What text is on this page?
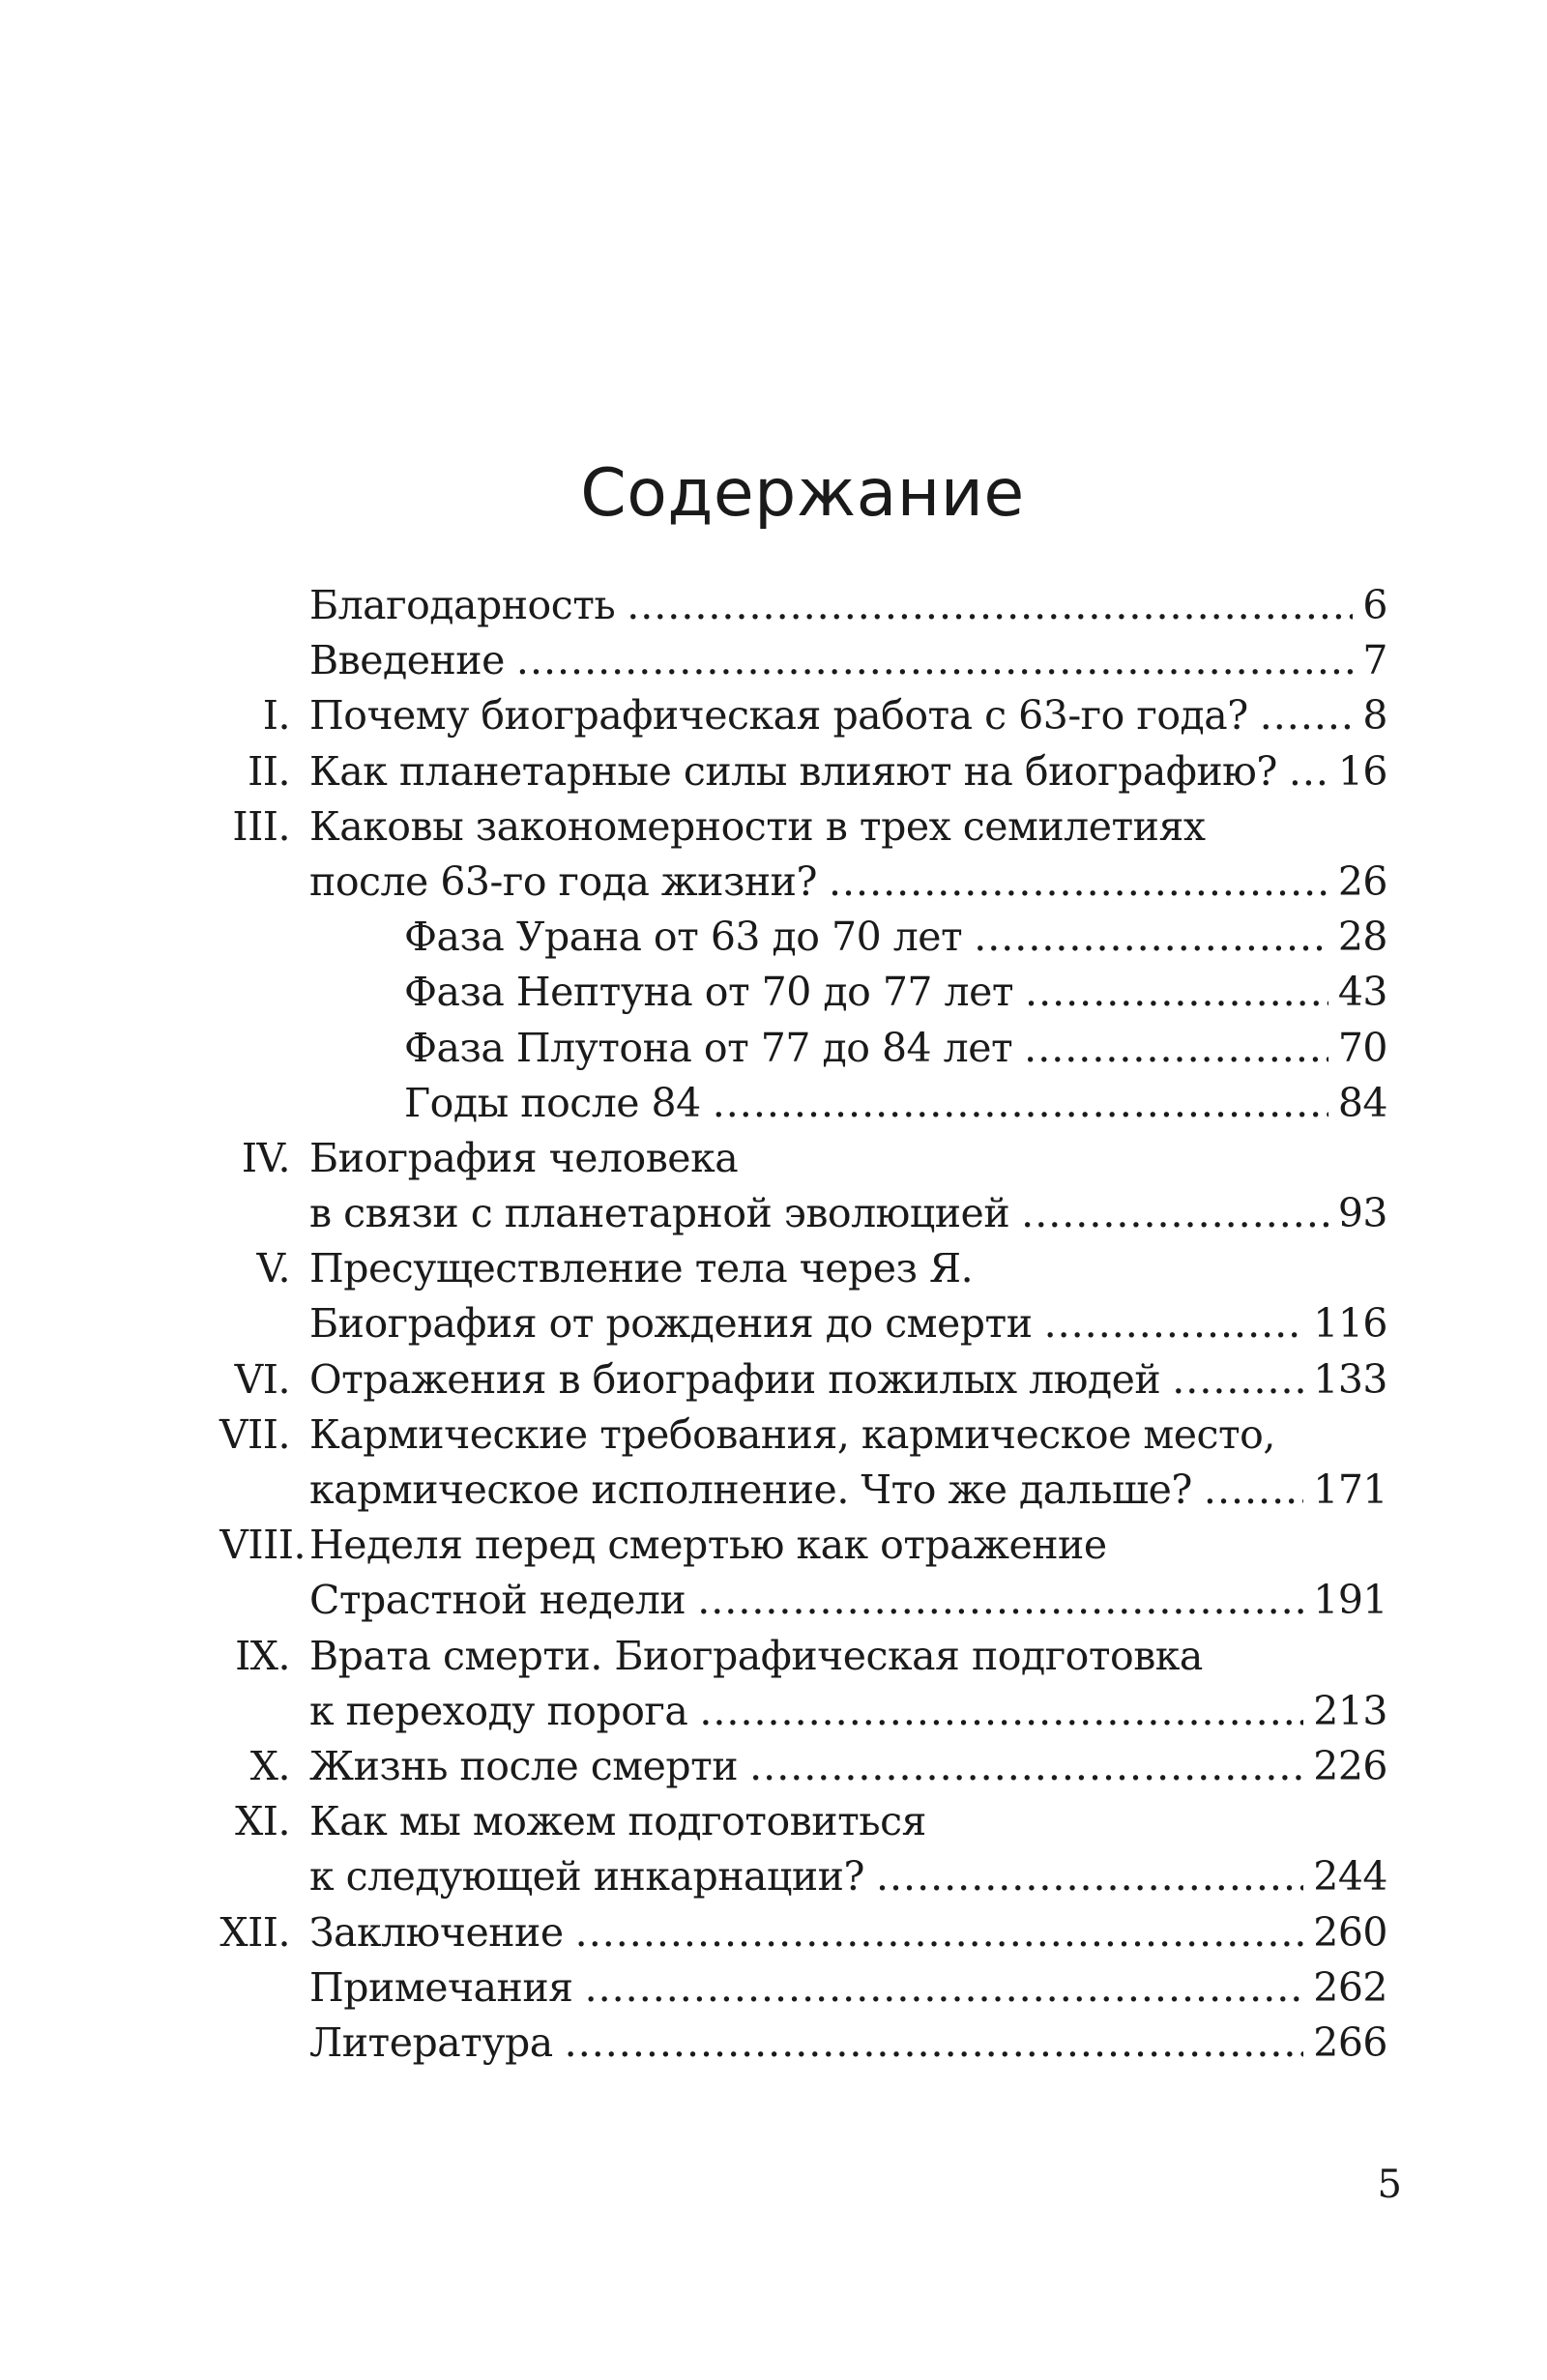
Содержание
Благодарность .....	6
Введение .....	7
I. Почему биографическая работа с 63-го года? .....	8
II. Как планетарные силы влияют на биографию? ..... 16
III. Каковы закономерности в трех семилетиях
после 63-го года жизни? .....	26
Фаза Урана от 63 до 70 лет .....	28
Фаза Нептуна от 70 до 77 лет .....	43
Фаза Плутона от 77 до 84 лет .....	70
Годы после 84 .....	84
IV. Биография человека
в связи с планетарной эволюцией .....	93
V. Пресуществление тела через Я.
Биография от рождения до смерти .....	116
VI. Отражения в биографии пожилых людей .....	133
VII. Кармические требования, кармическое место,
кармическое исполнение. Что же дальше? .....	171
VIII. Неделя перед смертью как отражение
Страстной недели .....	191
IX. Врата смерти. Биографическая подготовка
к переходу порога .....	213
X. Жизнь после смерти .....	226
XI. Как мы можем подготовиться
к следующей инкарнации? .....	244
XII. Заключение .....	260
Примечания .....	262
Литература .....	266
5
